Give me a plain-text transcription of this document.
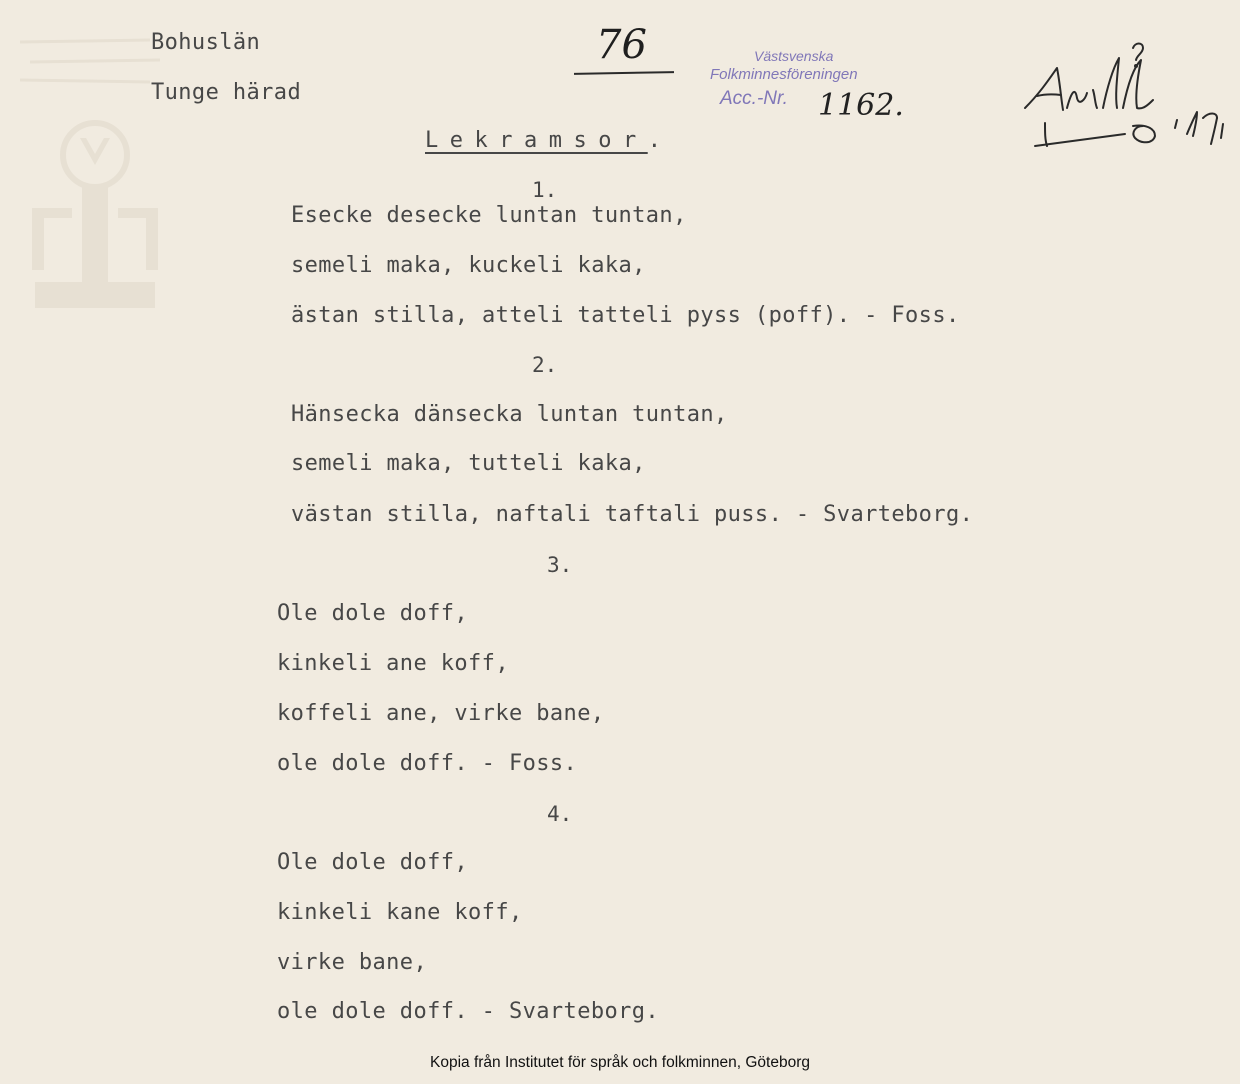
Bohuslän
Tunge härad
76	Västsvenska
Folkminnesföreningen
Acc.-Nr. 1162.
Lekramsor.
1.
Esecke desecke luntan tuntan,
semeli maka, kuckeli kaka,
ästan stilla, atteli tatteli pyss (poff). - Foss.
2.
Hänsecka dänsecka luntan tuntan,
semeli maka, tutteli kaka,
västan stilla, naftali taftali puss. - Svarteborg.
3.
Ole dole doff,
kinkeli ane koff,
koffeli ane, virke bane,
ole dole doff. - Foss.
4.
Ole dole doff,
kinkeli kane koff,
virke bane,
ole dole doff. - Svarteborg.
Kopia från Institutet för språk och folkminnen, Göteborg
